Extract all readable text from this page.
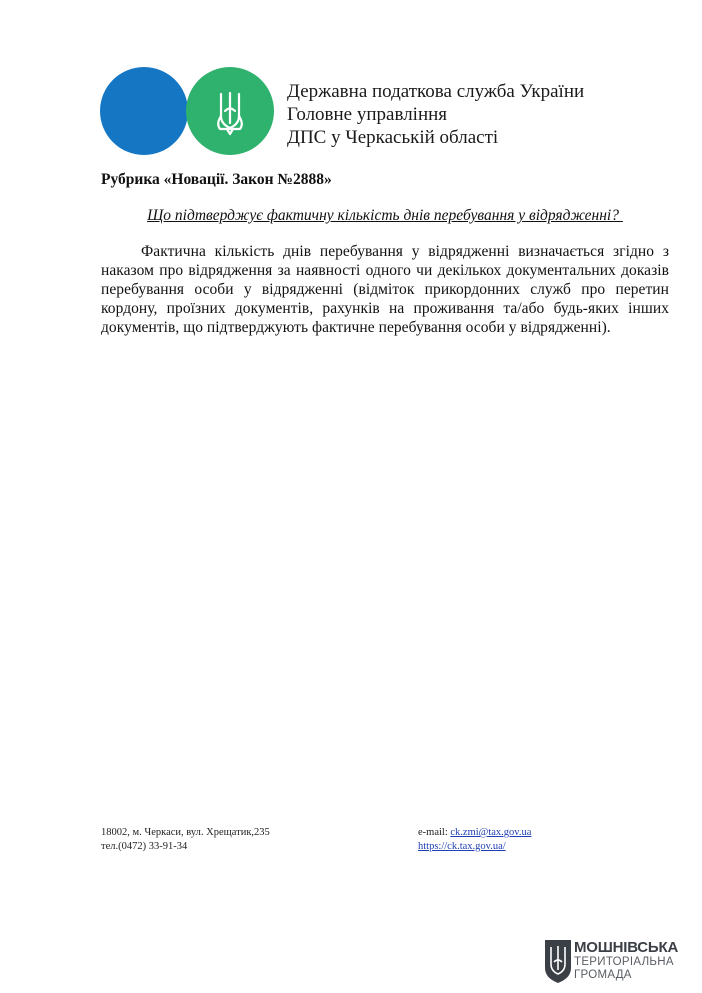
Державна податкова служба України
Головне управління
ДПС у Черкаській області
Рубрика «Новації. Закон №2888»
Що підтверджує фактичну кількість днів перебування у відрядженні?

Фактична кількість днів перебування у відрядженні визначається згідно з наказом про відрядження за наявності одного чи декількох документальних доказів перебування особи у відрядженні (відміток прикордонних служб про перетин кордону, проїзних документів, рахунків на проживання та/або будь-яких інших документів, що підтверджують фактичне перебування особи у відрядженні).

18002, м. Черкаси, вул. Хрещатик,235
тел.(0472) 33-91-34
e-mail: ck.zmi@tax.gov.ua
https://ck.tax.gov.ua/
МОШНІВСЬКА
ТЕРИТОРІАЛЬНА
ГРОМАДА
